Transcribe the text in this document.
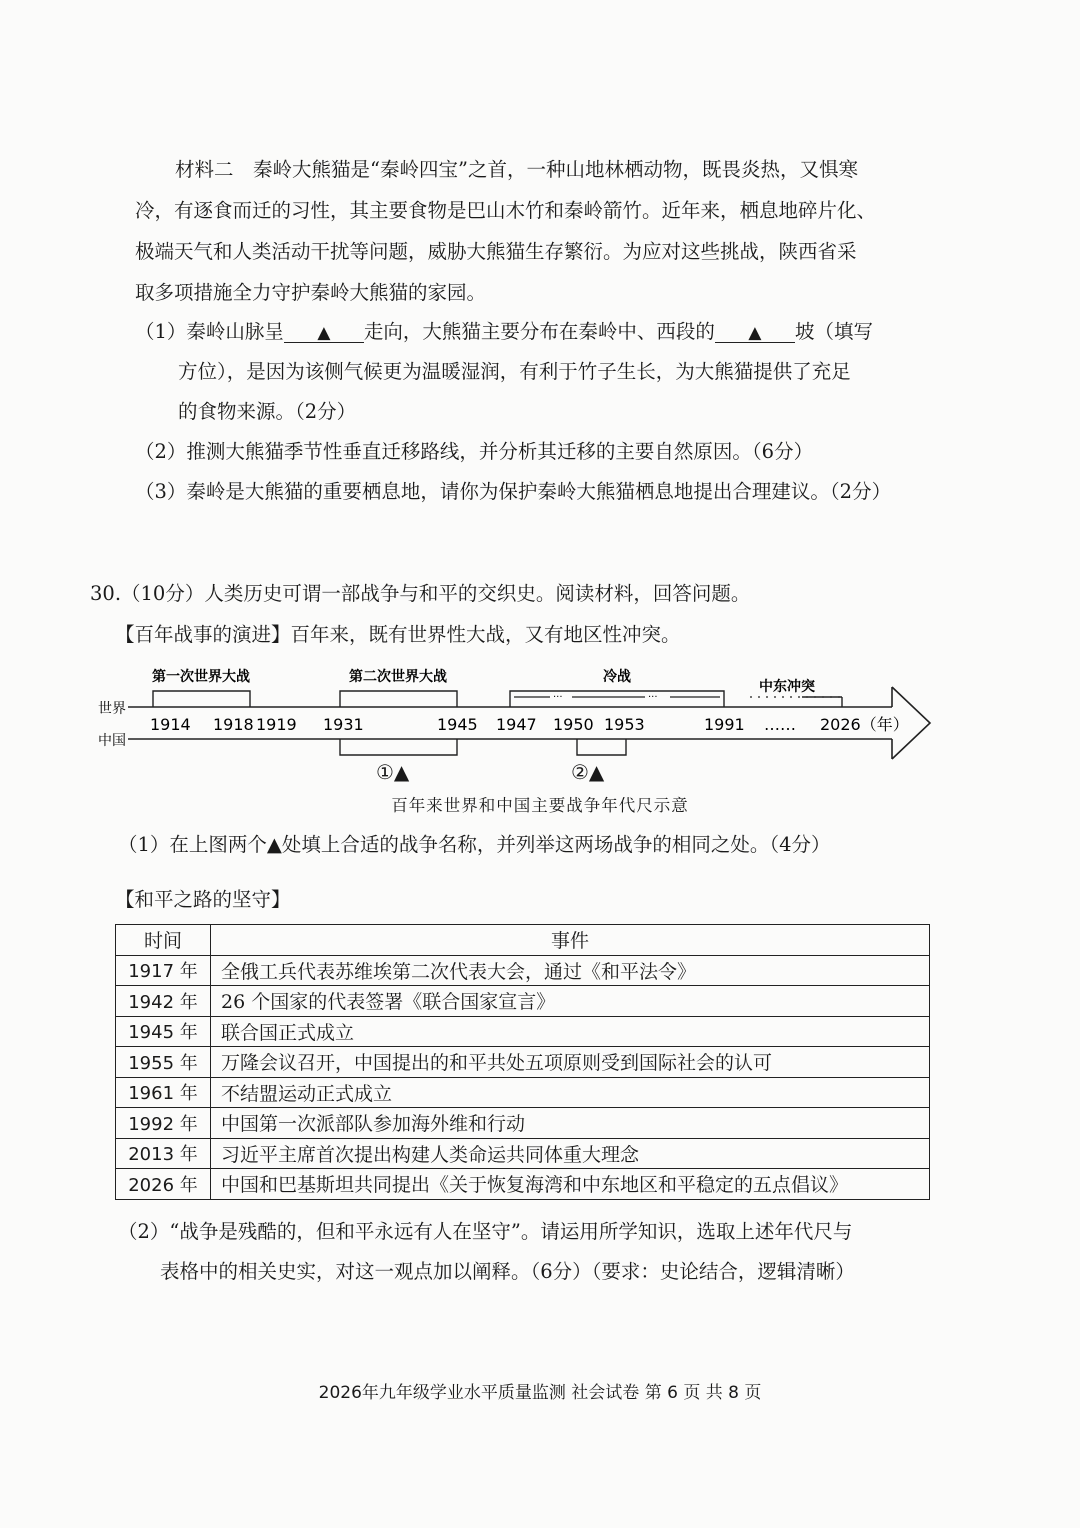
材料二　秦岭大熊猫是“秦岭四宝”之首，一种山地林栖动物，既畏炎热，又惧寒
冷，有逐食而迁的习性，其主要食物是巴山木竹和秦岭箭竹。近年来，栖息地碎片化、
极端天气和人类活动干扰等问题，威胁大熊猫生存繁衍。为应对这些挑战，陕西省采
取多项措施全力守护秦岭大熊猫的家园。
（1）秦岭山脉呈 ▲ 走向，大熊猫主要分布在秦岭中、西段的 ▲ 坡（填写
方位），是因为该侧气候更为温暖湿润，有利于竹子生长，为大熊猫提供了充足
的食物来源。（2分）
（2）推测大熊猫季节性垂直迁移路线，并分析其迁移的主要自然原因。（6分）
（3）秦岭是大熊猫的重要栖息地，请你为保护秦岭大熊猫栖息地提出合理建议。（2分）
30.（10分）人类历史可谓一部战争与和平的交织史。阅读材料，回答问题。
【百年战事的演进】百年来，既有世界性大战，又有地区性冲突。
世界
中国
第一次世界大战	第二次世界大战
···	···
冷战
中东冲突
1914 1918 1919 1931	1945 1947 1950 1953	1991 …… 2026（年）
①▲	②▲
百年来世界和中国主要战争年代尺示意
（1）在上图两个▲处填上合适的战争名称，并列举这两场战争的相同之处。（4分）
【和平之路的坚守】
时间	事件
1917 年	全俄工兵代表苏维埃第二次代表大会，通过《和平法令》
1942 年	26 个国家的代表签署《联合国家宣言》
1945 年	联合国正式成立
1955 年	万隆会议召开，中国提出的和平共处五项原则受到国际社会的认可
1961 年	不结盟运动正式成立
1992 年	中国第一次派部队参加海外维和行动
2013 年	习近平主席首次提出构建人类命运共同体重大理念
2026 年	中国和巴基斯坦共同提出《关于恢复海湾和中东地区和平稳定的五点倡议》
（2）“战争是残酷的，但和平永远有人在坚守”。请运用所学知识，选取上述年代尺与
表格中的相关史实，对这一观点加以阐释。（6分）（要求：史论结合，逻辑清晰）
2026年九年级学业水平质量监测 社会试卷 第 6 页 共 8 页
